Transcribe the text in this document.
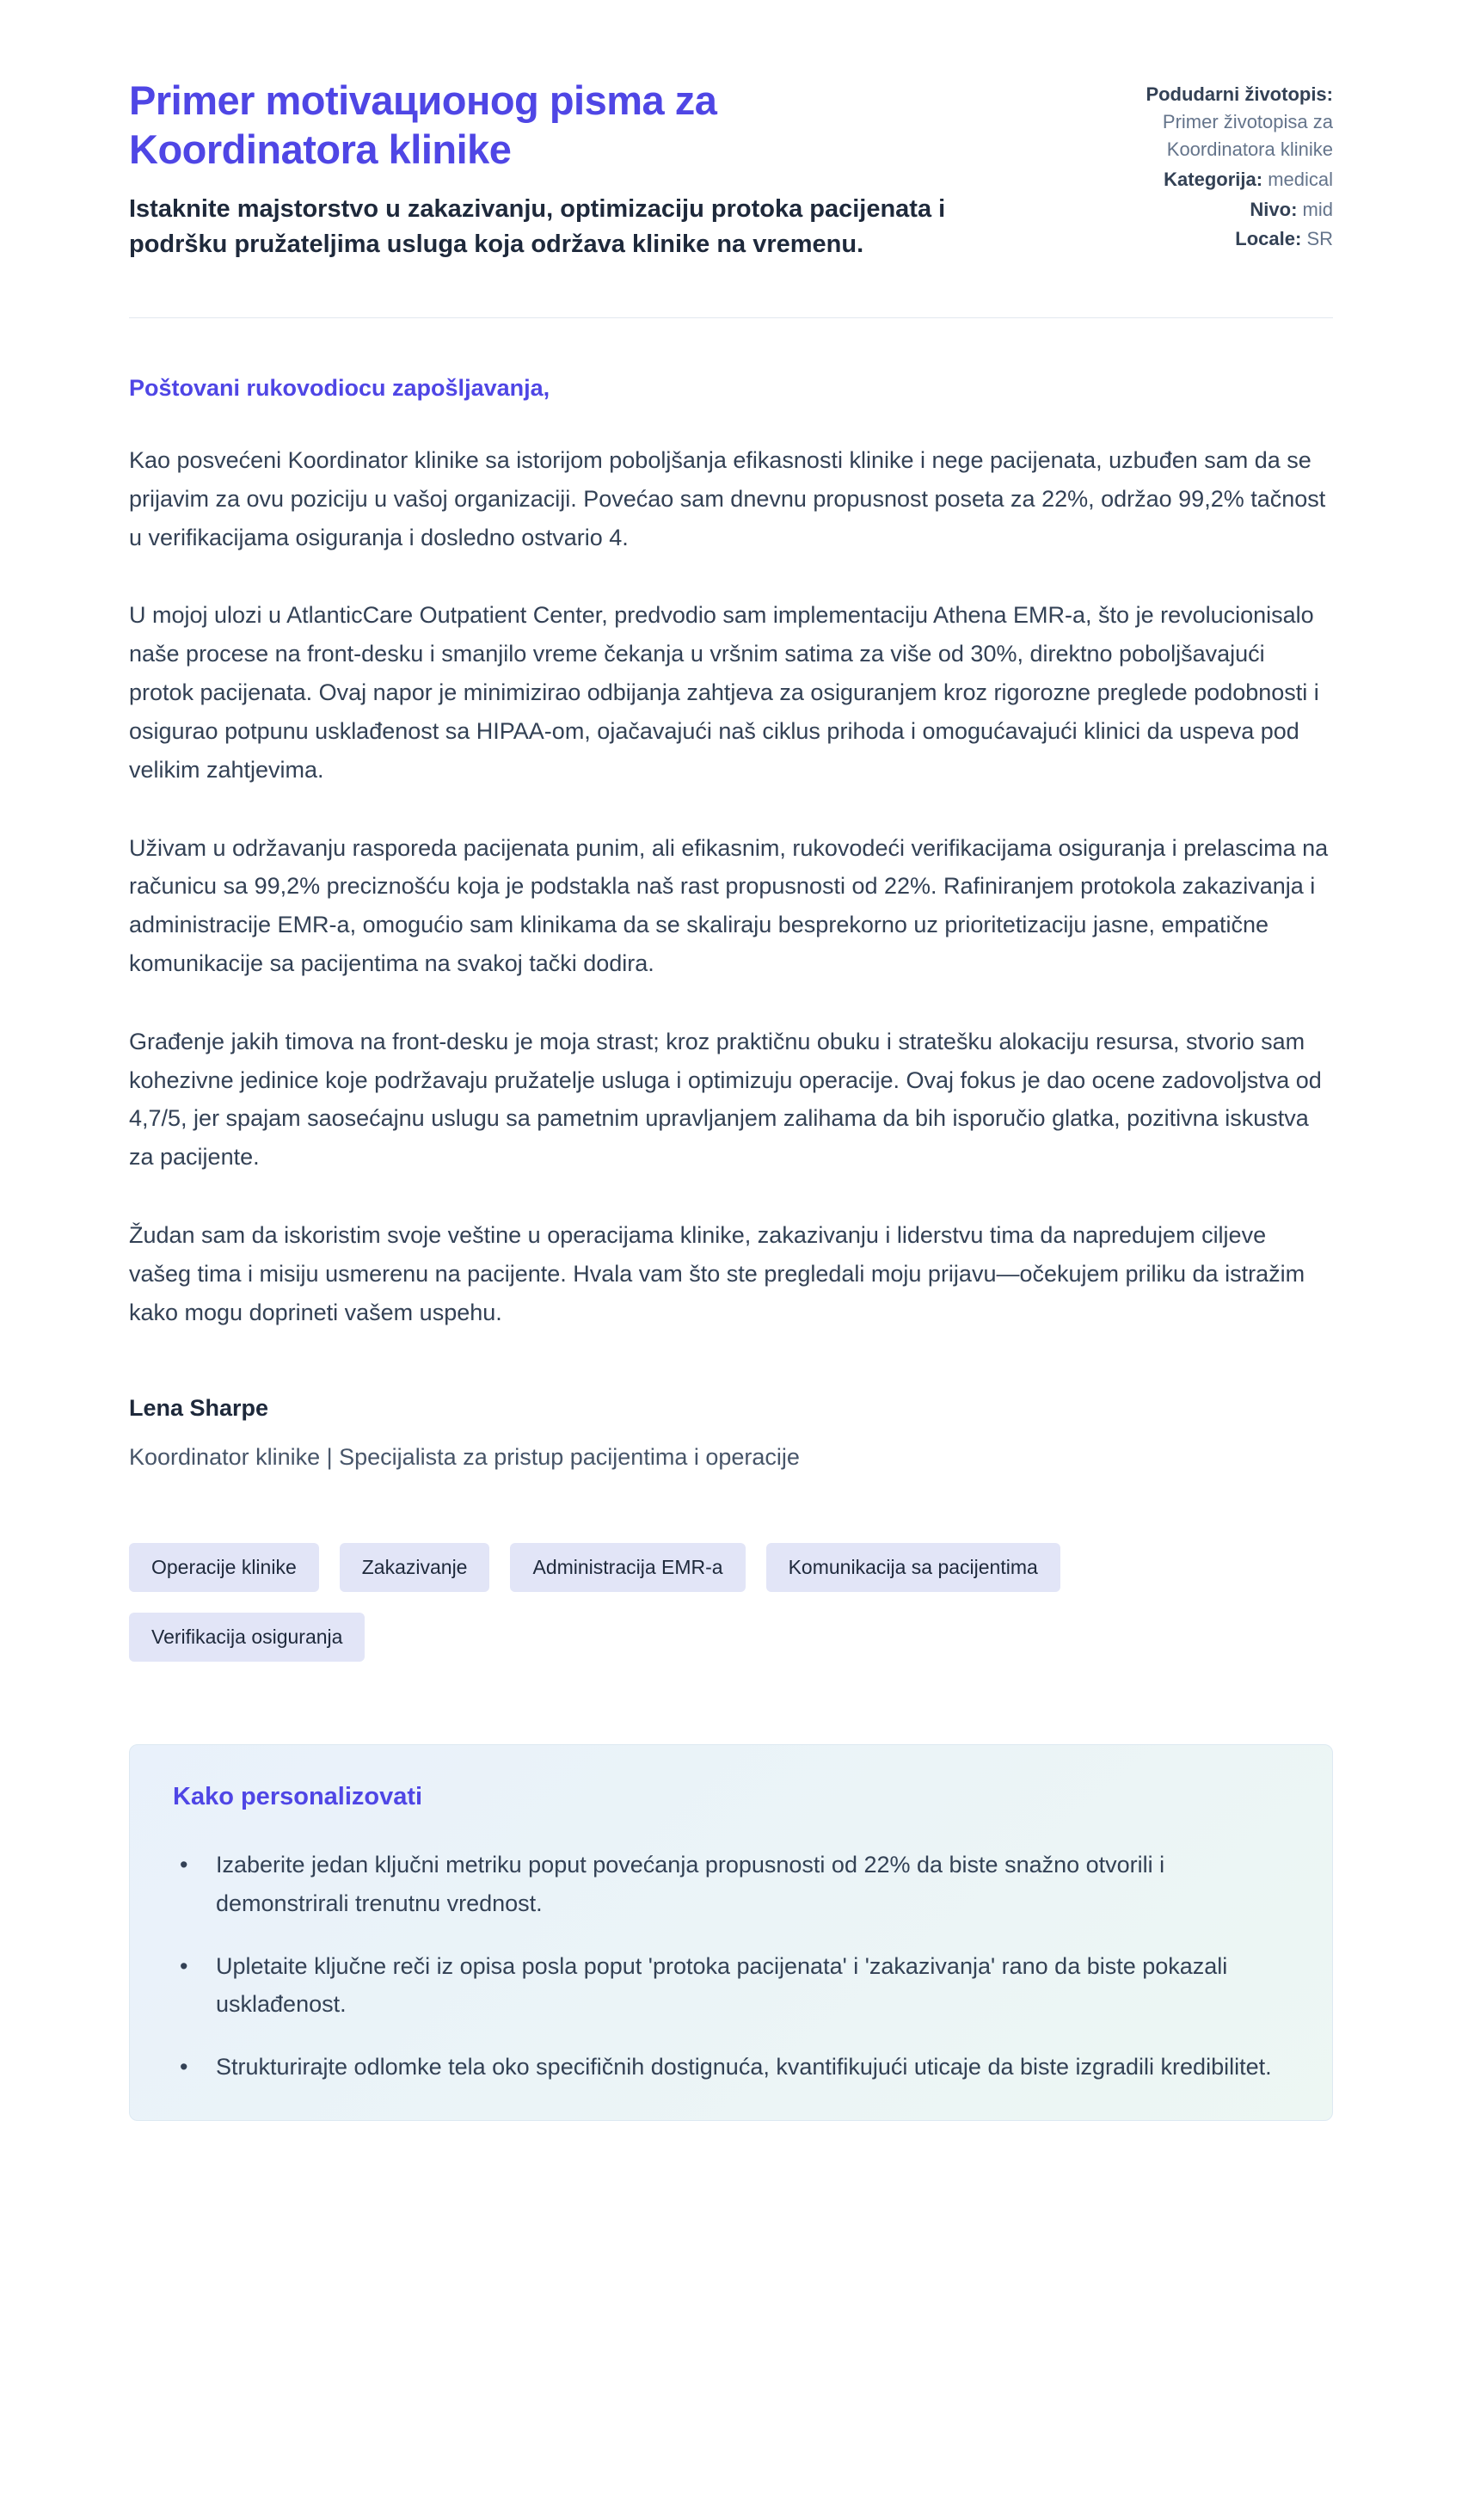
Primer motivaционog pisma za Koordinatora klinike

Istaknite majstorstvo u zakazivanju, optimizaciju protoka pacijenata i podršku pružateljima usluga koja održava klinike na vremenu.

Podudarni životopis: Primer životopisa za Koordinatora klinike
Kategorija: medical
Nivo: mid
Locale: SR

Poštovani rukovodiocu zapošljavanja,

Kao posvećeni Koordinator klinike sa istorijom poboljšanja efikasnosti klinike i nege pacijenata, uzbuđen sam da se prijavim za ovu poziciju u vašoj organizaciji. Povećao sam dnevnu propusnost poseta za 22%, održao 99,2% tačnost u verifikacijama osiguranja i dosledno ostvario 4.

U mojoj ulozi u AtlanticCare Outpatient Center, predvodio sam implementaciju Athena EMR-a, što je revolucionisalo naše procese na front-desku i smanjilo vreme čekanja u vršnim satima za više od 30%, direktno poboljšavajući protok pacijenata. Ovaj napor je minimizirao odbijanja zahtjeva za osiguranjem kroz rigorozne preglede podobnosti i osigurao potpunu usklađenost sa HIPAA-om, ojačavajući naš ciklus prihoda i omogućavajući klinici da uspeva pod velikim zahtjevima.

Uživam u održavanju rasporeda pacijenata punim, ali efikasnim, rukovodeći verifikacijama osiguranja i prelascima na računicu sa 99,2% preciznošću koja je podstakla naš rast propusnosti od 22%. Rafiniranjem protokola zakazivanja i administracije EMR-a, omogućio sam klinikama da se skaliraju besprekorno uz prioritetizaciju jasne, empatične komunikacije sa pacijentima na svakoj tački dodira.

Građenje jakih timova na front-desku je moja strast; kroz praktičnu obuku i stratešku alokaciju resursa, stvorio sam kohezivne jedinice koje podržavaju pružatelje usluga i optimizuju operacije. Ovaj fokus je dao ocene zadovoljstva od 4,7/5, jer spajam saosećajnu uslugu sa pametnim upravljanjem zalihama da bih isporučio glatka, pozitivna iskustva za pacijente.

Žudan sam da iskoristim svoje veštine u operacijama klinike, zakazivanju i liderstvu tima da napredujem ciljeve vašeg tima i misiju usmerenu na pacijente. Hvala vam što ste pregledali moju prijavu—očekujem priliku da istražim kako mogu doprineti vašem uspehu.

Lena Sharpe

Koordinator klinike | Specijalista za pristup pacijentima i operacije

Operacije klinike	Zakazivanje	Administracija EMR-a	Komunikacija sa pacijentima
Verifikacija osiguranja
Kako personalizovati
•	Izaberite jedan ključni metriku poput povećanja propusnosti od 22% da biste snažno otvorili i demonstrirali trenutnu vrednost.
•	Upletaite ključne reči iz opisa posla poput 'protoka pacijenata' i 'zakazivanja' rano da biste pokazali usklađenost.
•	Strukturirajte odlomke tela oko specifičnih dostignuća, kvantifikujući uticaje da biste izgradili kredibilitet.
